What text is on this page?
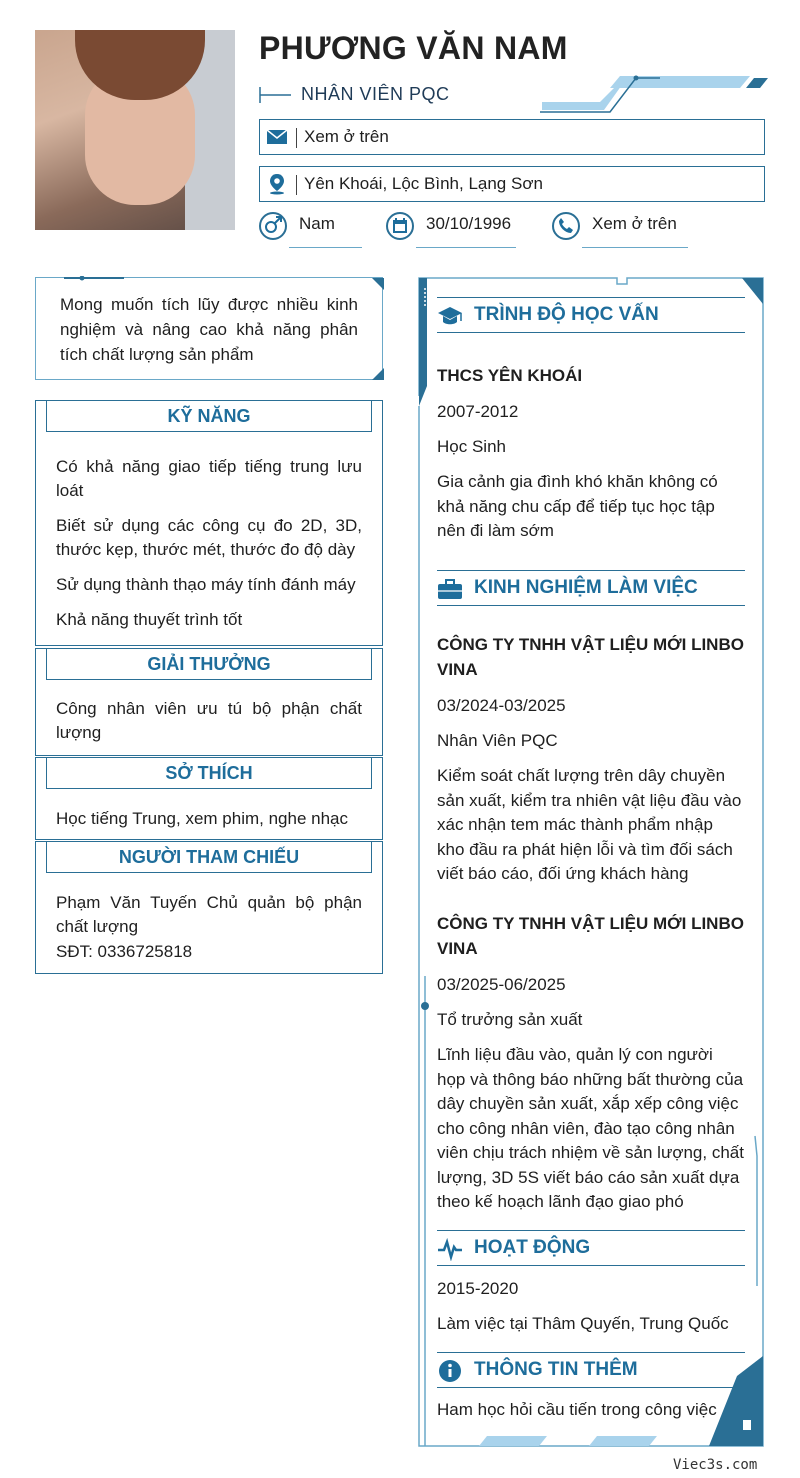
PHƯƠNG VĂN NAM
NHÂN VIÊN PQC
Xem ở trên
Yên Khoái, Lộc Bình, Lạng Sơn
Nam	30/10/1996	Xem ở trên
Mong muốn tích lũy được nhiều kinh nghiệm và nâng cao khả năng phân tích chất lượng sản phẩm
KỸ NĂNG
Có khả năng giao tiếp tiếng trung lưu loát
Biết sử dụng các công cụ đo 2D, 3D, thước kẹp, thước mét, thước đo độ dày
Sử dụng thành thạo máy tính đánh máy
Khả năng thuyết trình tốt
GIẢI THƯỞNG
Công nhân viên ưu tú bộ phận chất lượng
SỞ THÍCH
Học tiếng Trung, xem phim, nghe nhạc
NGƯỜI THAM CHIẾU
Phạm Văn Tuyến Chủ quản bộ phận chất lượng
SĐT: 0336725818
TRÌNH ĐỘ HỌC VẤN
THCS YÊN KHOÁI
2007-2012
Học Sinh
Gia cảnh gia đình khó khăn không có khả năng chu cấp để tiếp tục học tập nên đi làm sớm
KINH NGHIỆM LÀM VIỆC
CÔNG TY TNHH VẬT LIỆU MỚI LINBO VINA
03/2024-03/2025
Nhân Viên PQC
Kiểm soát chất lượng trên dây chuyền sản xuất, kiểm tra nhiên vật liệu đầu vào xác nhận tem mác thành phẩm nhập kho đầu ra phát hiện lỗi và tìm đối sách viết báo cáo, đối ứng khách hàng
CÔNG TY TNHH VẬT LIỆU MỚI LINBO VINA
03/2025-06/2025
Tổ trưởng sản xuất
Lĩnh liệu đầu vào, quản lý con người họp và thông báo những bất thường của dây chuyền sản xuất, xắp xếp công việc cho công nhân viên, đào tạo công nhân viên chịu trách nhiệm về sản lượng, chất lượng, 3D 5S viết báo cáo sản xuất dựa theo kế hoạch lãnh đạo giao phó
HOẠT ĐỘNG
2015-2020
Làm việc tại Thâm Quyến, Trung Quốc
THÔNG TIN THÊM
Ham học hỏi cầu tiến trong công việc
Viec3s.com
